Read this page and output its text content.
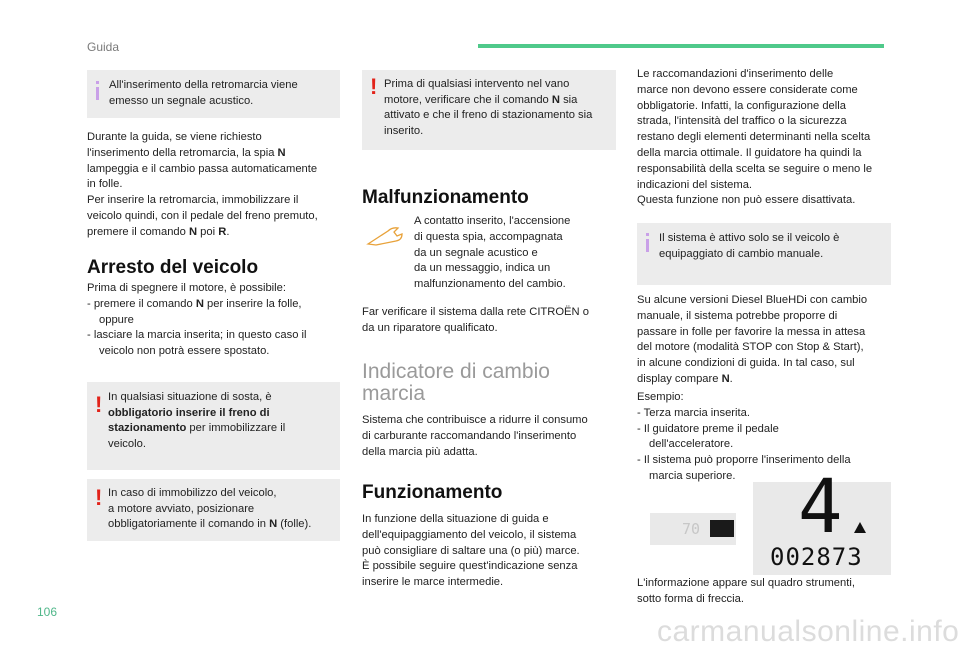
Guida
All'inserimento della retromarcia viene
emesso un segnale acustico.
Durante la guida, se viene richiesto
l'inserimento della retromarcia, la spia N
lampeggia e il cambio passa automaticamente
in folle.
Per inserire la retromarcia, immobilizzare il
veicolo quindi, con il pedale del freno premuto,
premere il comando N poi R.
Arresto del veicolo
Prima di spegnere il motore, è possibile:
- premere il comando N per inserire la folle,
oppure
- lasciare la marcia inserita; in questo caso il
veicolo non potrà essere spostato.
! In qualsiasi situazione di sosta, è
obbligatorio inserire il freno di
stazionamento per immobilizzare il
veicolo.
! In caso di immobilizzo del veicolo,
a motore avviato, posizionare
obbligatoriamente il comando in N (folle).
! Prima di qualsiasi intervento nel vano
motore, verificare che il comando N sia
attivato e che il freno di stazionamento sia
inserito.
Malfunzionamento
A contatto inserito, l'accensione
di questa spia, accompagnata
da un segnale acustico e
da un messaggio, indica un
malfunzionamento del cambio.
Far verificare il sistema dalla rete CITROËN o
da un riparatore qualificato.
Indicatore di cambio
marcia
Sistema che contribuisce a ridurre il consumo
di carburante raccomandando l'inserimento
della marcia più adatta.
Funzionamento
In funzione della situazione di guida e
dell'equipaggiamento del veicolo, il sistema
può consigliare di saltare una (o più) marce.
È possibile seguire quest'indicazione senza
inserire le marce intermedie.
Le raccomandazioni d'inserimento delle
marce non devono essere considerate come
obbligatorie. Infatti, la configurazione della
strada, l'intensità del traffico o la sicurezza
restano degli elementi determinanti nella scelta
della marcia ottimale. Il guidatore ha quindi la
responsabilità della scelta se seguire o meno le
indicazioni del sistema.
Questa funzione non può essere disattivata.
Il sistema è attivo solo se il veicolo è
equipaggiato di cambio manuale.
Su alcune versioni Diesel BlueHDi con cambio
manuale, il sistema potrebbe proporre di
passare in folle per favorire la messa in attesa
del motore (modalità STOP con Stop & Start),
in alcune condizioni di guida. In tal caso, sul
display compare N.
Esempio:
- Terza marcia inserita.
- Il guidatore preme il pedale
dell'acceleratore.
- Il sistema può proporre l'inserimento della
marcia superiore.
70 4
002873
L'informazione appare sul quadro strumenti,
sotto forma di freccia.
106
carmanualsonline.info
